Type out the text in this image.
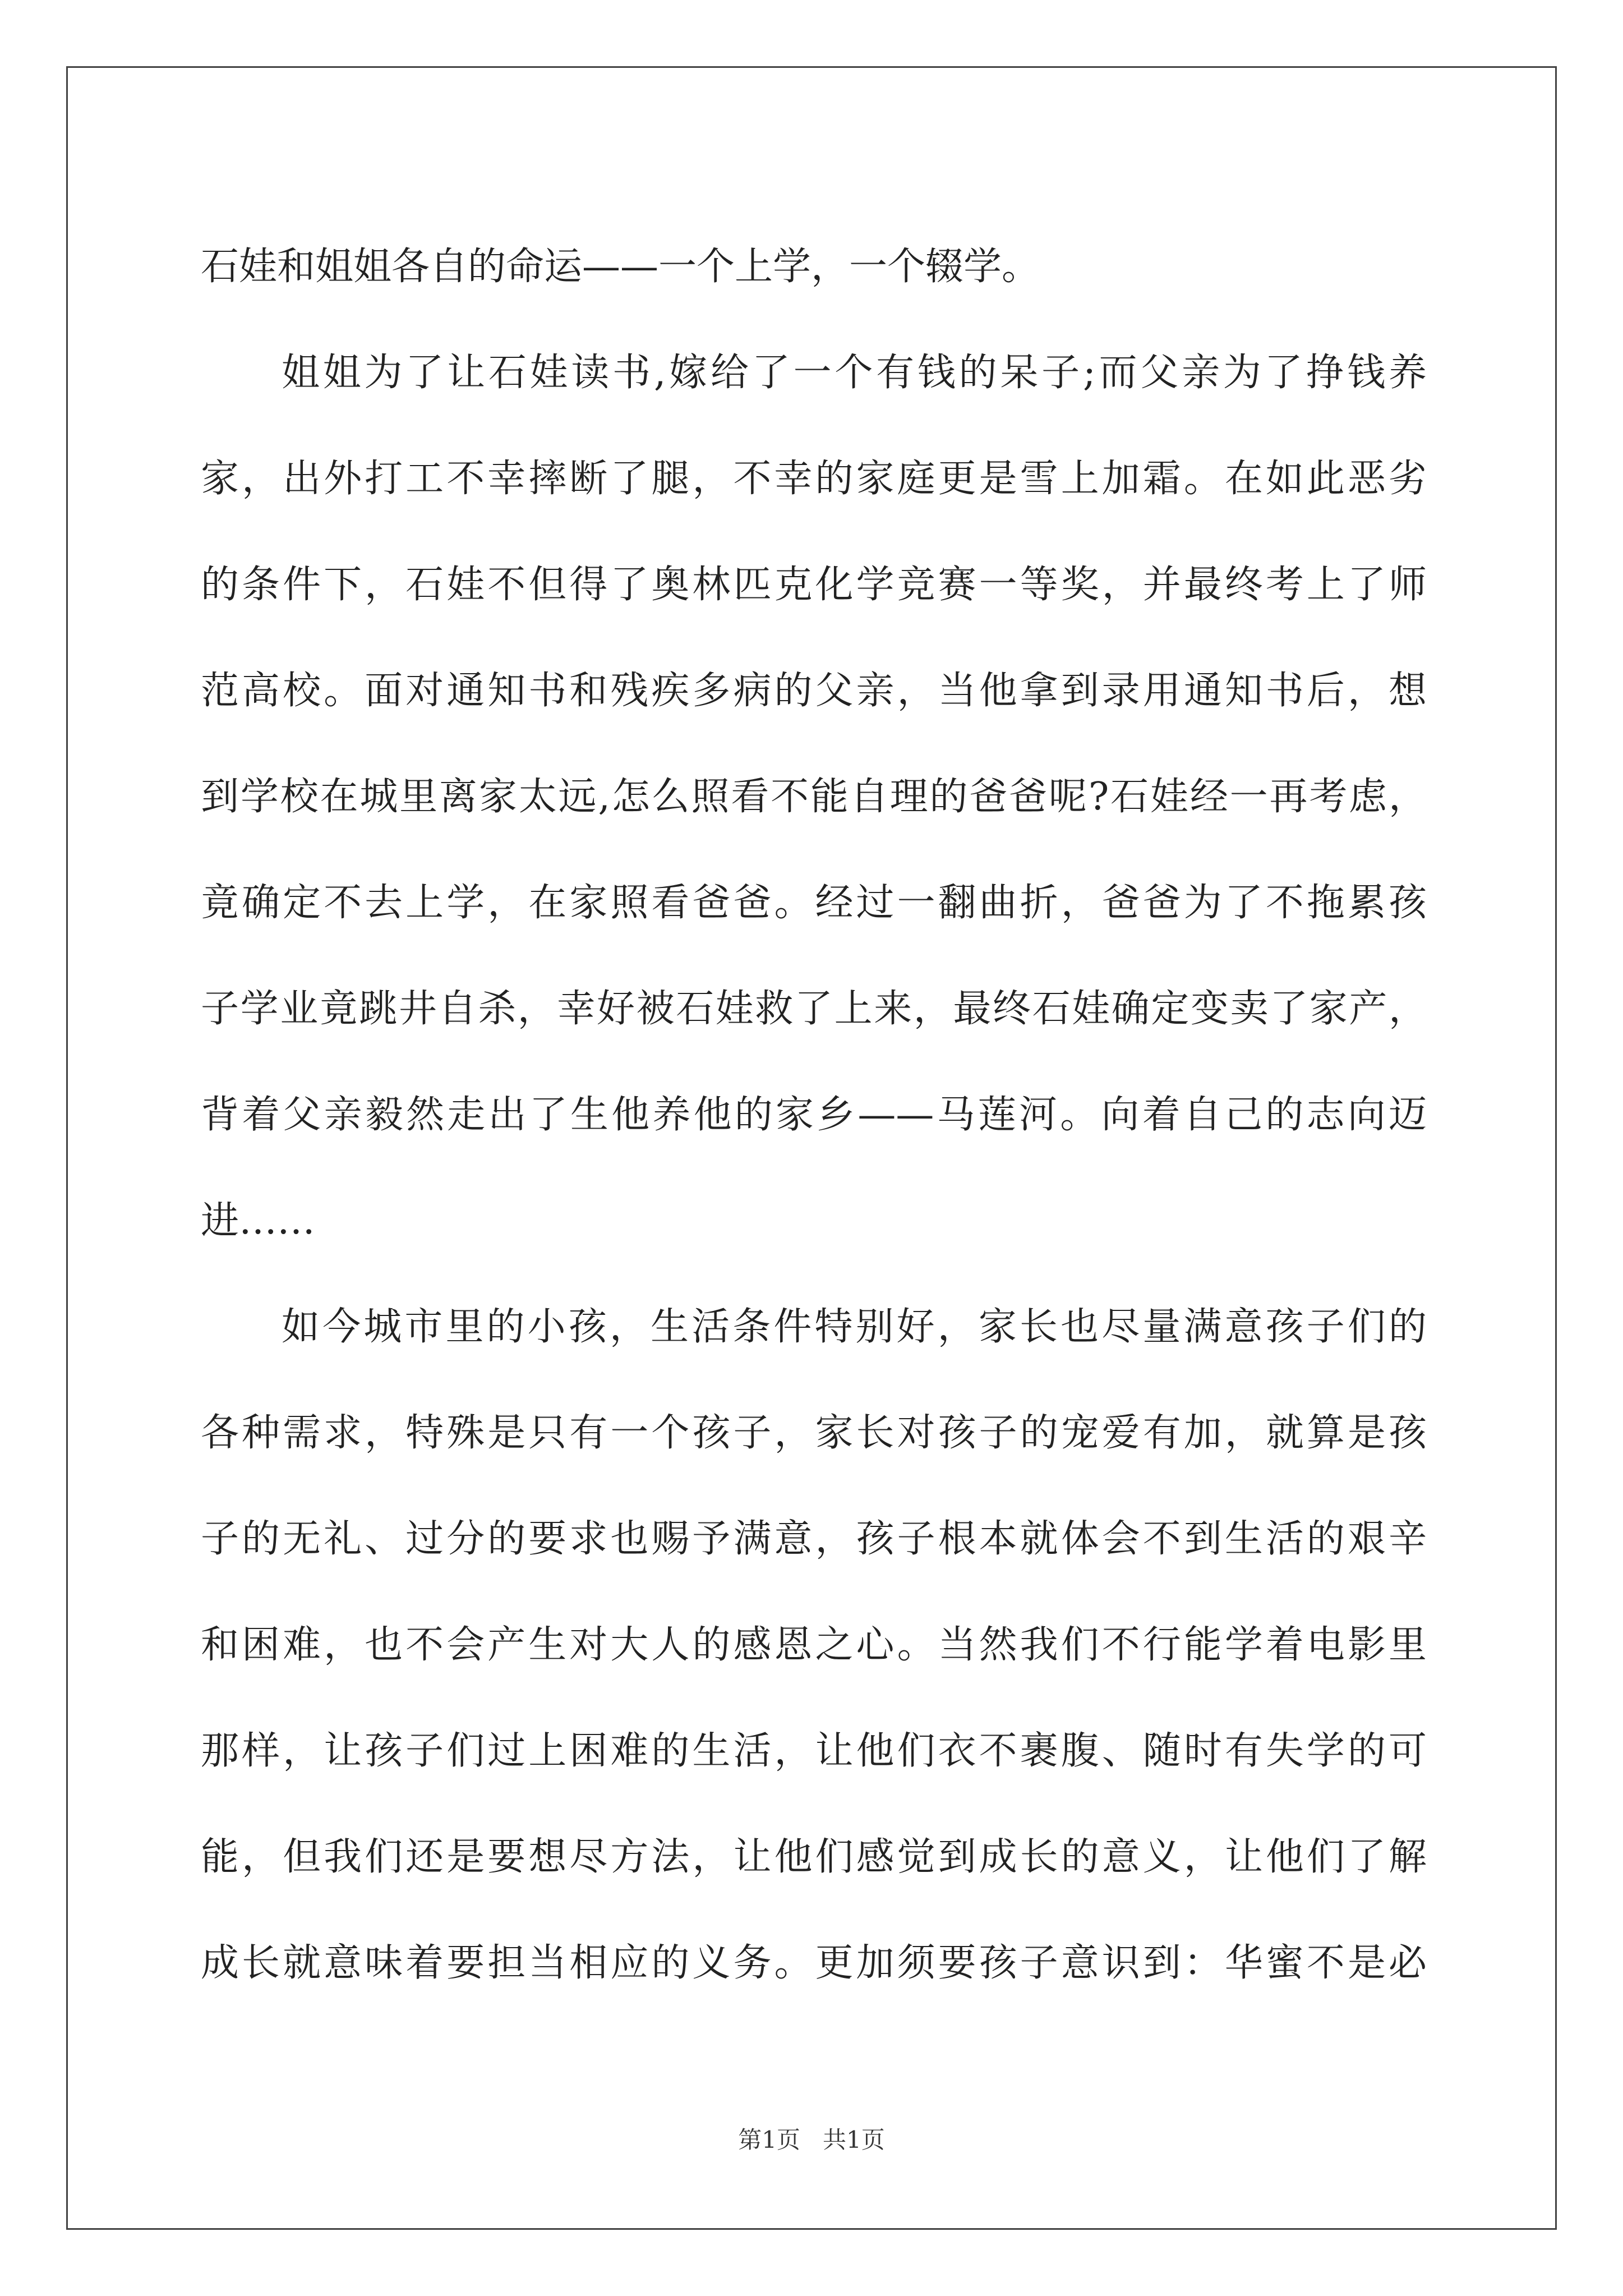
石娃和姐姐各自的命运——一个上学，一个辍学。
姐姐为了让石娃读书,嫁给了一个有钱的呆子;而父亲为了挣钱养
家，出外打工不幸摔断了腿，不幸的家庭更是雪上加霜。在如此恶劣
的条件下，石娃不但得了奥林匹克化学竞赛一等奖，并最终考上了师
范高校。面对通知书和残疾多病的父亲，当他拿到录用通知书后，想
到学校在城里离家太远,怎么照看不能自理的爸爸呢?石娃经一再考虑，
竟确定不去上学，在家照看爸爸。经过一翻曲折，爸爸为了不拖累孩
子学业竟跳井自杀，幸好被石娃救了上来，最终石娃确定变卖了家产，
背着父亲毅然走出了生他养他的家乡——马莲河。向着自己的志向迈
进……
如今城市里的小孩，生活条件特别好，家长也尽量满意孩子们的
各种需求，特殊是只有一个孩子，家长对孩子的宠爱有加，就算是孩
子的无礼、过分的要求也赐予满意，孩子根本就体会不到生活的艰辛
和困难，也不会产生对大人的感恩之心。当然我们不行能学着电影里
那样，让孩子们过上困难的生活，让他们衣不裹腹、随时有失学的可
能，但我们还是要想尽方法，让他们感觉到成长的意义，让他们了解
成长就意味着要担当相应的义务。更加须要孩子意识到：华蜜不是必
第1页   共1页
